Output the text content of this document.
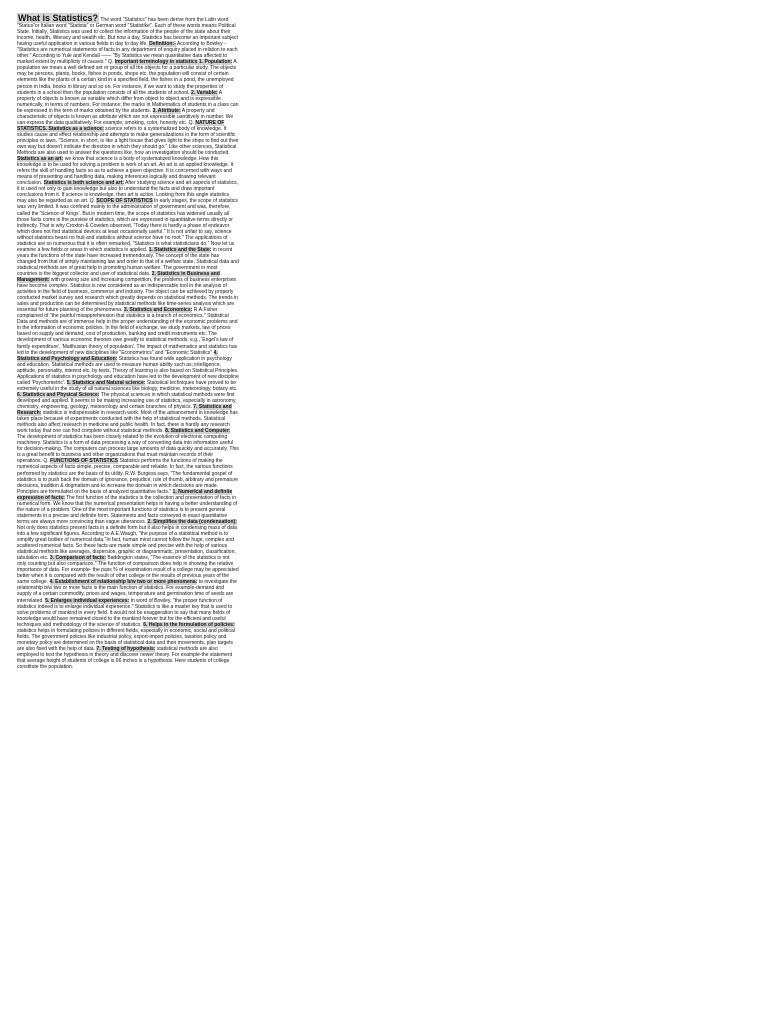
What is Statistics? The word "Statistics" has been derive from the Latin word "Status"or Italian word "Statista" or German word "Statistike". Each of these words means Political State. Initially, Statistics was used to collect the information of the people of the state about their income, health, illiteracy and wealth etc. But now a day, Statistics has become an important subject having useful application in various fields in day to day life. Definition:- According to Bowley - "Statistics are numerical statements of facts in any department of enquiry placed in relation to each other." According to Yule and Kendall —— "By Statistics we mean quantitative data affected to marked extent by multiplicity of causes." Q. Important terminology in statistics 1. Population: A population we mean a well defined set or group of all the objects for a particular study. The objects may be persons, plants, books, fishes in ponds, shops etc. the population will consist of certain elements like the plants of a certain kind in a specified field, the fishes in a pond, the unemployed person in India, books in library and so on. For instance, if we want to study the properties of students in a school then the population consists of all the students of school. 2. Variable: A property of objects is known as variable which differ from object to object and is expressible numerically, in terms of numbers. For instance: the marks in Mathematics of students in a class can be expressed in the term of marks obtained by the students. 3. Attribute: A property and characteristic of objects is known as attribute which are not expressible uantitively in number. We can express the data qualitatively. For example, smoking, color, honesty etc. Q. NATURE OF STATISTICS. Statistics as a science: science refers to a systematized body of knowledge. It studies cause and effect relationship and attempts to make generalizations in the form of scientific principles or laws. "Science, in short, is like a light house that gives light to the ships to find out their own way but doesn't indicate the direction in which they should go." Like other sciences, Statistical Methods are also used to answer the questions like, how an investigation should be conducted. Statistics as an art: we know that science is a body of systematized knowledge. How this knowledge is to be used for solving a problem is work of an art. An art is an applied knowledge. It refers the skill of handling facts so as to achieve a given objective. It is concerned with ways and means of presenting and handling data, making inferences logically and drawing relevant conclusion. Statistics is both science and art: After studying science and art aspects of statistics, it is used not only to gain knowledge but also to understand the facts and draw important conclusions from it. If science is knowledge, then art is action. Looking from this angle statistics may also be regarded as an art. Q. SCOPE OF STATISTICS In early stages, the scope of statistics was very limited. It was confined mainly to the administration of government and was, therefore, called the 'Science of Kings'. But in modern time, the scope of statistics has widened usually all those facts come in the purview of statistics, which are expressed in quantitative terms directly or indirectly. That is why Croxton & Cowden observed, "Today there is hardly a phase of endeavor which does not find statistical devices at least occasionally useful." It is not unfair to say, science without statistics bears no fruit and statistics without science have no root." The applications of statistics are so numerous that it is often remarked, "Statistics is what statisticians do." Now let us examine a few fields or areas in which statistics is applied. 1. Statistics and the State: in recent years the functions of the state have increased tremendously. The concept of the state has changed from that of simply maintaining law and order to that of a welfare state. Statistical data and statistical methods are of great help in promoting human welfare. The government in most countries is the biggest collector and user of statistical data. 2. Statistics in Business and Management: with growing size and increasing competition, the problems of business enterprises have become complex. Statistics is now considered as an indispensable tool in the analysis of activities in the field of business, commerce and industry. The object can be achieved by properly conducted market survey and research which greatly depends on statistical methods. The trends in sales and production can be determined by statistical methods like time-series analysis which are essential for future planning of the phenomena. 3. Statistics and Economics: R.A.Fisher complained of "the painful misapprehension that statistics is a branch of economics." Statistical Data and methods are of immense help in the proper understanding of the economic problems and in the information of economic policies. In the field of exchange, we study markets, law of prices based on supply and demand, cost of production, banking and credit instruments etc. The development of various economic theories owe greatly to statistical methods, e.g., 'Engel's law of family expenditure', 'Malthusian theory of population'. The impact of mathematics and statistics has led to the development of new disciplines like "Econometrics" and "Economic Statistics" 4. Statistics and Psychology and Education: Statistics has found wide application in psychology and education. Statistical methods are used to measure human ability such as; intelligence, aptitude, personality, interest etc. by tests. Theory of learning is also based on Statistical Principles. Applications of statistics in psychology and education have led to the development of new discipline called 'Psychometric'. 5. Statistics and Natural science: Statistical techniques have proved to be extremely useful in the study of all natural sciences like biology, medicine, meteorology, botany etc. 6. Statistics and Physical Science: The physical sciences in which statistical methods were first developed and applied. It seems to be making increasing use of statistics, especially in astronomy, chemistry, engineering, geology, meteorology and certain branches of physics. 7. Statistics and Research: statistics is indispensable in research work. Most of the advancement in knowledge has taken place because of experiments conducted with the help of statistical methods. Statistical methods also affect research in medicine and public health. In fact, there is hardly any research work today that one can find complete without statistical methods. 8. Statistics and Computer: The development of statistics has been closely related to the evolution of electronic computing machinery. Statistics is a form of data processing a way of converting data into information useful for decision-making. The computers can process large amounts of data quickly and accurately. This is a great benefit to business and other organizations that must maintain records of their operations. Q. FUNCTIONS OF STATISTICS Statistics performs the functions of making the numerical aspects of facts simple, precise, comparable and reliable. In fact, the various functions performed by statistics are the basis of its utility. R.W. Burgess says, "The fundamental gospel of statistics is to push back the domain of ignorance, prejudice, rule of thumb, arbitrary and premature decisions, tradition & dogmatism and to increase the domain in which decisions are made. Principles are formulated on the basis of analyzed quantitative facts." 1. Numerical and definite expression of facts: The first function of the statistics is the collection and presentation of facts in numerical form. We know that the numerical presentation helps in having a better understanding of the nature of a problem. One of the most important functions of statistics is to present general statements in a precise and definite form. Statements and facts conveyed in exact quantitative terms are always more convincing than vague utterances. 2. Simplifies the data (condensation): Not only does statistics present facts in a definite form but it also helps in condensing mass of data into a few significant figures. According to A.E.Waugh, "the purpose of a statistical method is to simplify great bodies of numerical data."In fact, human mind cannot follow the huge, complex and scattered numerical facts. So these facts are made simple and precise with the help of various statistical methods like averages, dispersion, graphic or diagrammatic, presentation, classification, tabulation etc. 3. Comparison of facts: Baddington states, "The essence of the statistics is not only counting but also comparison." The function of comparison does help in showing the relative importance of data. For example- the pass % of examination result of a college may be appreciated better when it is compared with the result of other college or the results of previous years of the same college. 4. Establishment of relationship b/w two or more phenomena: to investigate the relationship b/w two or more facts is the main function of statistics. For example-demand and supply of a certain commodity, prices and wages, temperature and germination time of seeds are interrelated. 5. Enlarges individual experiences: In word of Bowley, "the proper function of statistics indeed is to enlarge individual experience." Statistics is like a master key that is used to solve problems of mankind in every field. It would not be exaggeration to say that many fields of knowledge would have remained closed to the mankind forever but for the efficient and useful techniques and methodology of the science of statistics. 6. Helps in the formulation of policies: statistics helps in formulating policies in different fields, especially in economic, social and political fields. The government policies like industrial policy, export-import policies, taxation policy and monetary policy are determined on the basis of statistical data and their movements, plan targets are also fixed with the help of data. 7. Testing of hypothesis: statistical methods are also employed to test the hypothesis in theory and discover newer theory. For example-the statement that average height of students of college is 66 inches is a hypothesis. Here students of college constitute the population.
